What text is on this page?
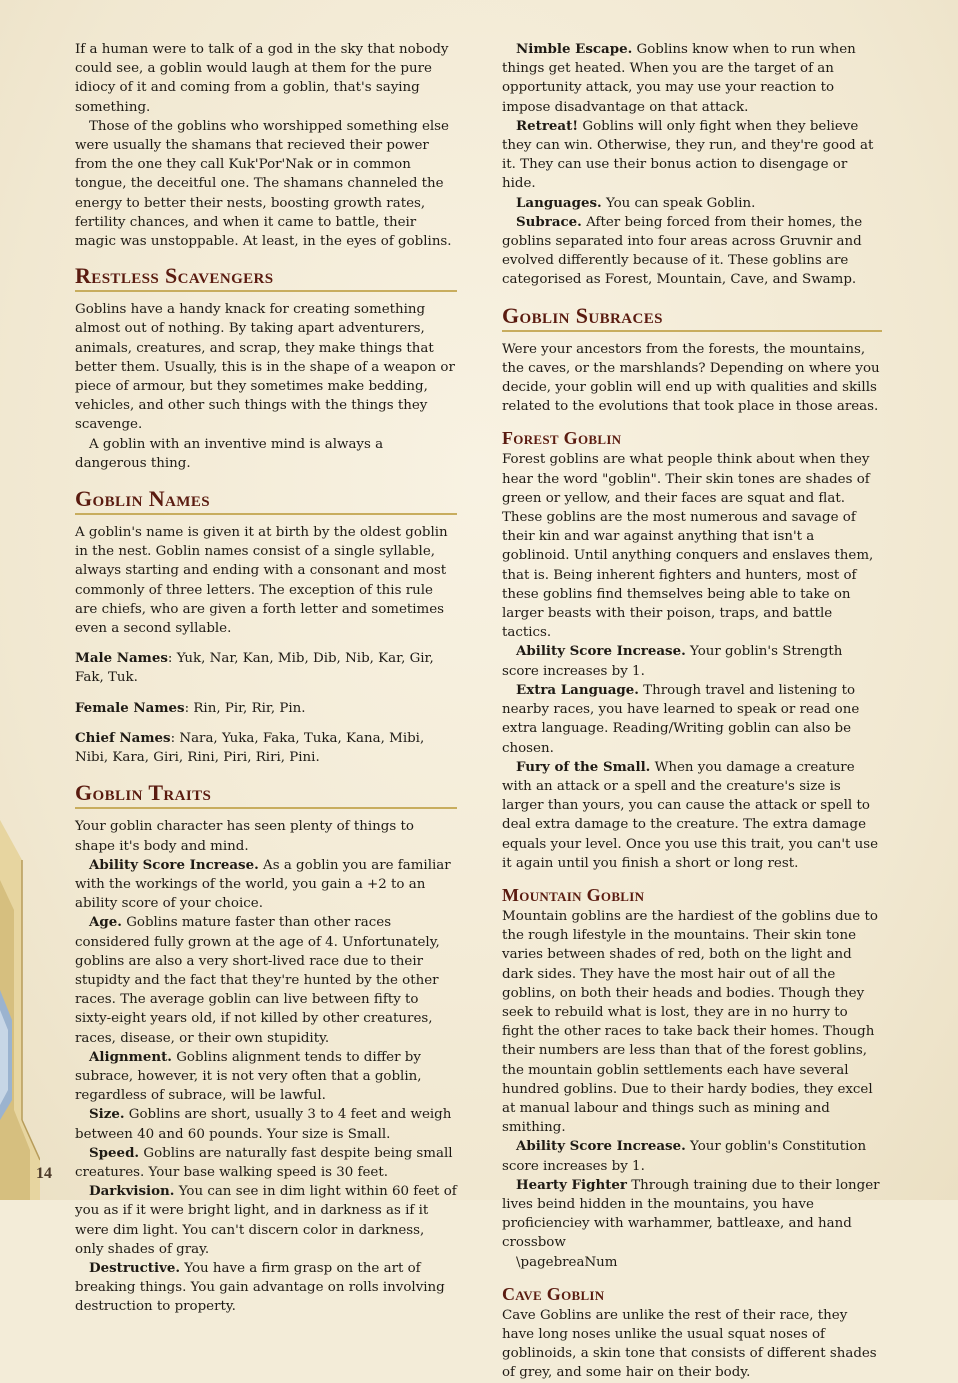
If a human were to talk of a god in the sky that nobody could see, a goblin would laugh at them for the pure idiocy of it and coming from a goblin, that's saying something.

Those of the goblins who worshipped something else were usually the shamans that recieved their power from the one they call Kuk'Por'Nak or in common tongue, the deceitful one. The shamans channeled the energy to better their nests, boosting growth rates, fertility chances, and when it came to battle, their magic was unstoppable. At least, in the eyes of goblins.

Restless Scavengers

Goblins have a handy knack for creating something almost out of nothing. By taking apart adventurers, animals, creatures, and scrap, they make things that better them. Usually, this is in the shape of a weapon or piece of armour, but they sometimes make bedding, vehicles, and other such things with the things they scavenge.

A goblin with an inventive mind is always a dangerous thing.

Goblin Names

A goblin's name is given it at birth by the oldest goblin in the nest. Goblin names consist of a single syllable, always starting and ending with a consonant and most commonly of three letters. The exception of this rule are chiefs, who are given a forth letter and sometimes even a second syllable.

Male Names: Yuk, Nar, Kan, Mib, Dib, Nib, Kar, Gir, Fak, Tuk.

Female Names: Rin, Pir, Rir, Pin.

Chief Names: Nara, Yuka, Faka, Tuka, Kana, Mibi, Nibi, Kara, Giri, Rini, Piri, Riri, Pini.

Goblin Traits

Your goblin character has seen plenty of things to shape it's body and mind.

Ability Score Increase. As a goblin you are familiar with the workings of the world, you gain a +2 to an ability score of your choice.

Age. Goblins mature faster than other races considered fully grown at the age of 4. Unfortunately, goblins are also a very short-lived race due to their stupidty and the fact that they're hunted by the other races. The average goblin can live between fifty to sixty-eight years old, if not killed by other creatures, races, disease, or their own stupidity.

Alignment. Goblins alignment tends to differ by subrace, however, it is not very often that a goblin, regardless of subrace, will be lawful.

Size. Goblins are short, usually 3 to 4 feet and weigh between 40 and 60 pounds. Your size is Small.

Speed. Goblins are naturally fast despite being small creatures. Your base walking speed is 30 feet.

Darkvision. You can see in dim light within 60 feet of you as if it were bright light, and in darkness as if it were dim light. You can't discern color in darkness, only shades of gray.

Destructive. You have a firm grasp on the art of breaking things. You gain advantage on rolls involving destruction to property.

Nimble Escape. Goblins know when to run when things get heated. When you are the target of an opportunity attack, you may use your reaction to impose disadvantage on that attack.

Retreat! Goblins will only fight when they believe they can win. Otherwise, they run, and they're good at it. They can use their bonus action to disengage or hide.

Languages. You can speak Goblin.

Subrace. After being forced from their homes, the goblins separated into four areas across Gruvnir and evolved differently because of it. These goblins are categorised as Forest, Mountain, Cave, and Swamp.

Goblin Subraces

Were your ancestors from the forests, the mountains, the caves, or the marshlands? Depending on where you decide, your goblin will end up with qualities and skills related to the evolutions that took place in those areas.

Forest Goblin

Forest goblins are what people think about when they hear the word "goblin". Their skin tones are shades of green or yellow, and their faces are squat and flat. These goblins are the most numerous and savage of their kin and war against anything that isn't a goblinoid. Until anything conquers and enslaves them, that is. Being inherent fighters and hunters, most of these goblins find themselves being able to take on larger beasts with their poison, traps, and battle tactics.

Ability Score Increase. Your goblin's Strength score increases by 1.

Extra Language. Through travel and listening to nearby races, you have learned to speak or read one extra language. Reading/Writing goblin can also be chosen.

Fury of the Small. When you damage a creature with an attack or a spell and the creature's size is larger than yours, you can cause the attack or spell to deal extra damage to the creature. The extra damage equals your level. Once you use this trait, you can't use it again until you finish a short or long rest.

Mountain Goblin

Mountain goblins are the hardiest of the goblins due to the rough lifestyle in the mountains. Their skin tone varies between shades of red, both on the light and dark sides. They have the most hair out of all the goblins, on both their heads and bodies. Though they seek to rebuild what is lost, they are in no hurry to fight the other races to take back their homes. Though their numbers are less than that of the forest goblins, the mountain goblin settlements each have several hundred goblins. Due to their hardy bodies, they excel at manual labour and things such as mining and smithing.

Ability Score Increase. Your goblin's Constitution score increases by 1.

Hearty Fighter Through training due to their longer lives beind hidden in the mountains, you have proficienciey with warhammer, battleaxe, and hand crossbow

\pagebreaNum

Cave Goblin

Cave Goblins are unlike the rest of their race, they have long noses unlike the usual squat noses of goblinoids, a skin tone that consists of different shades of grey, and some hair on their body.

14
